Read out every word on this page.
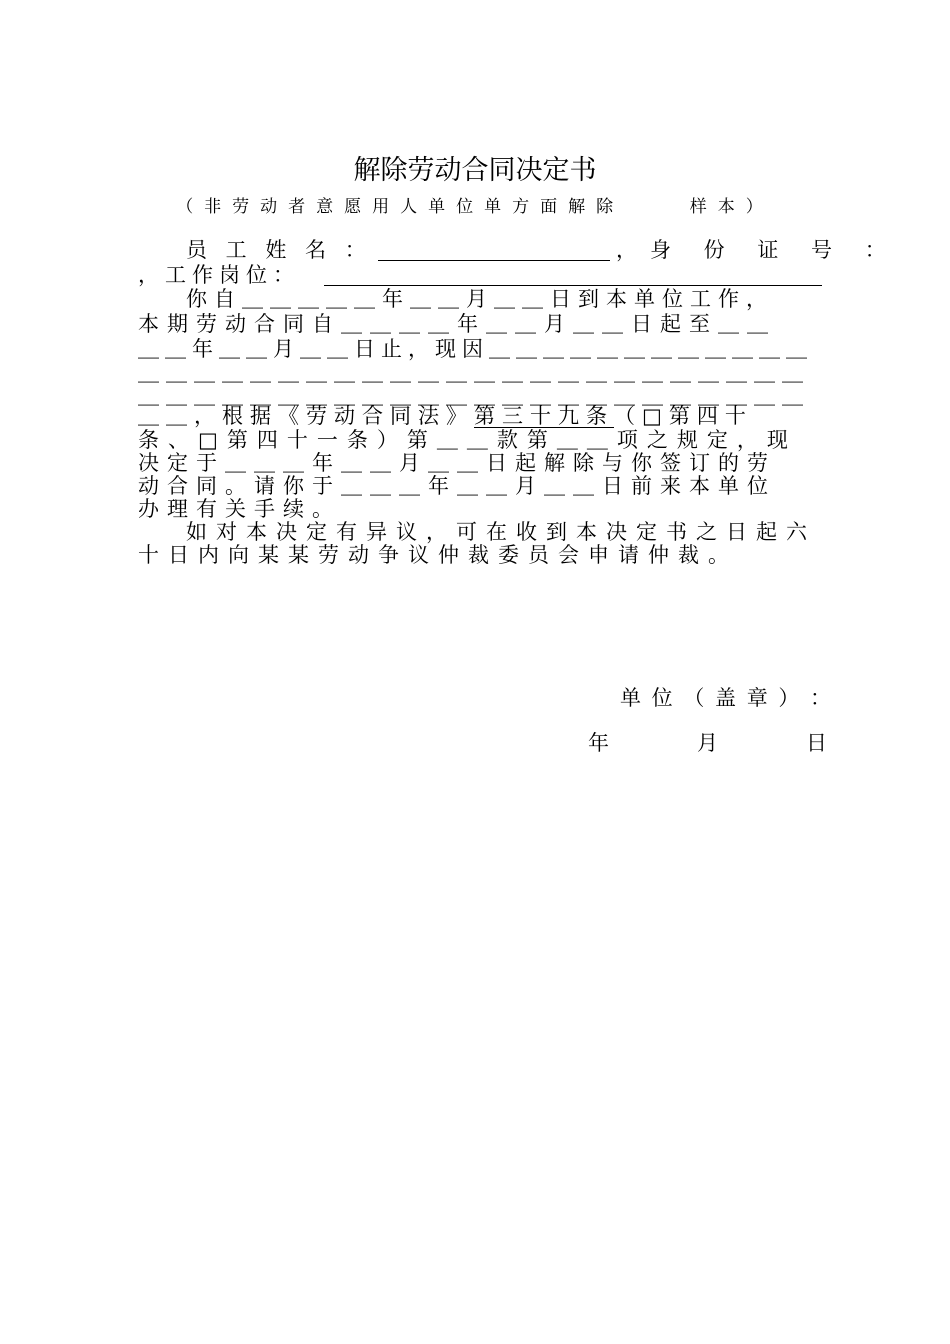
解除劳动合同决定书
（非劳动者意愿用人单位单方面解除    样本）
员 工 姓 名 ：	， 身 份 证 号 ：
，工作岗位：
你自＿＿＿＿＿年＿＿月＿＿日到本单位工作，
本期劳动合同自＿＿＿＿年＿＿月＿＿日起至＿＿
＿＿年＿＿月＿＿日止，现因＿＿＿＿＿＿＿＿＿＿＿＿
＿＿＿＿＿＿＿＿＿＿＿＿＿＿＿＿＿＿＿＿＿＿＿＿
＿＿＿＿＿＿＿＿＿＿＿＿＿＿＿＿＿＿＿＿＿＿＿＿
＿＿，根据《劳动合同法》第三十九条（□第四十
条、□第四十一条）第＿＿款第＿＿项之规定，现
决定于＿＿＿年＿＿月＿＿日起解除与你签订的劳
动合同。请你于＿＿＿年＿＿月＿＿日前来本单位
办理有关手续。
如对本决定有异议，可在收到本决定书之日起六
十日内向某某劳动争议仲裁委员会申请仲裁。
单 位 （ 盖 章 ） ：
年	月	日
